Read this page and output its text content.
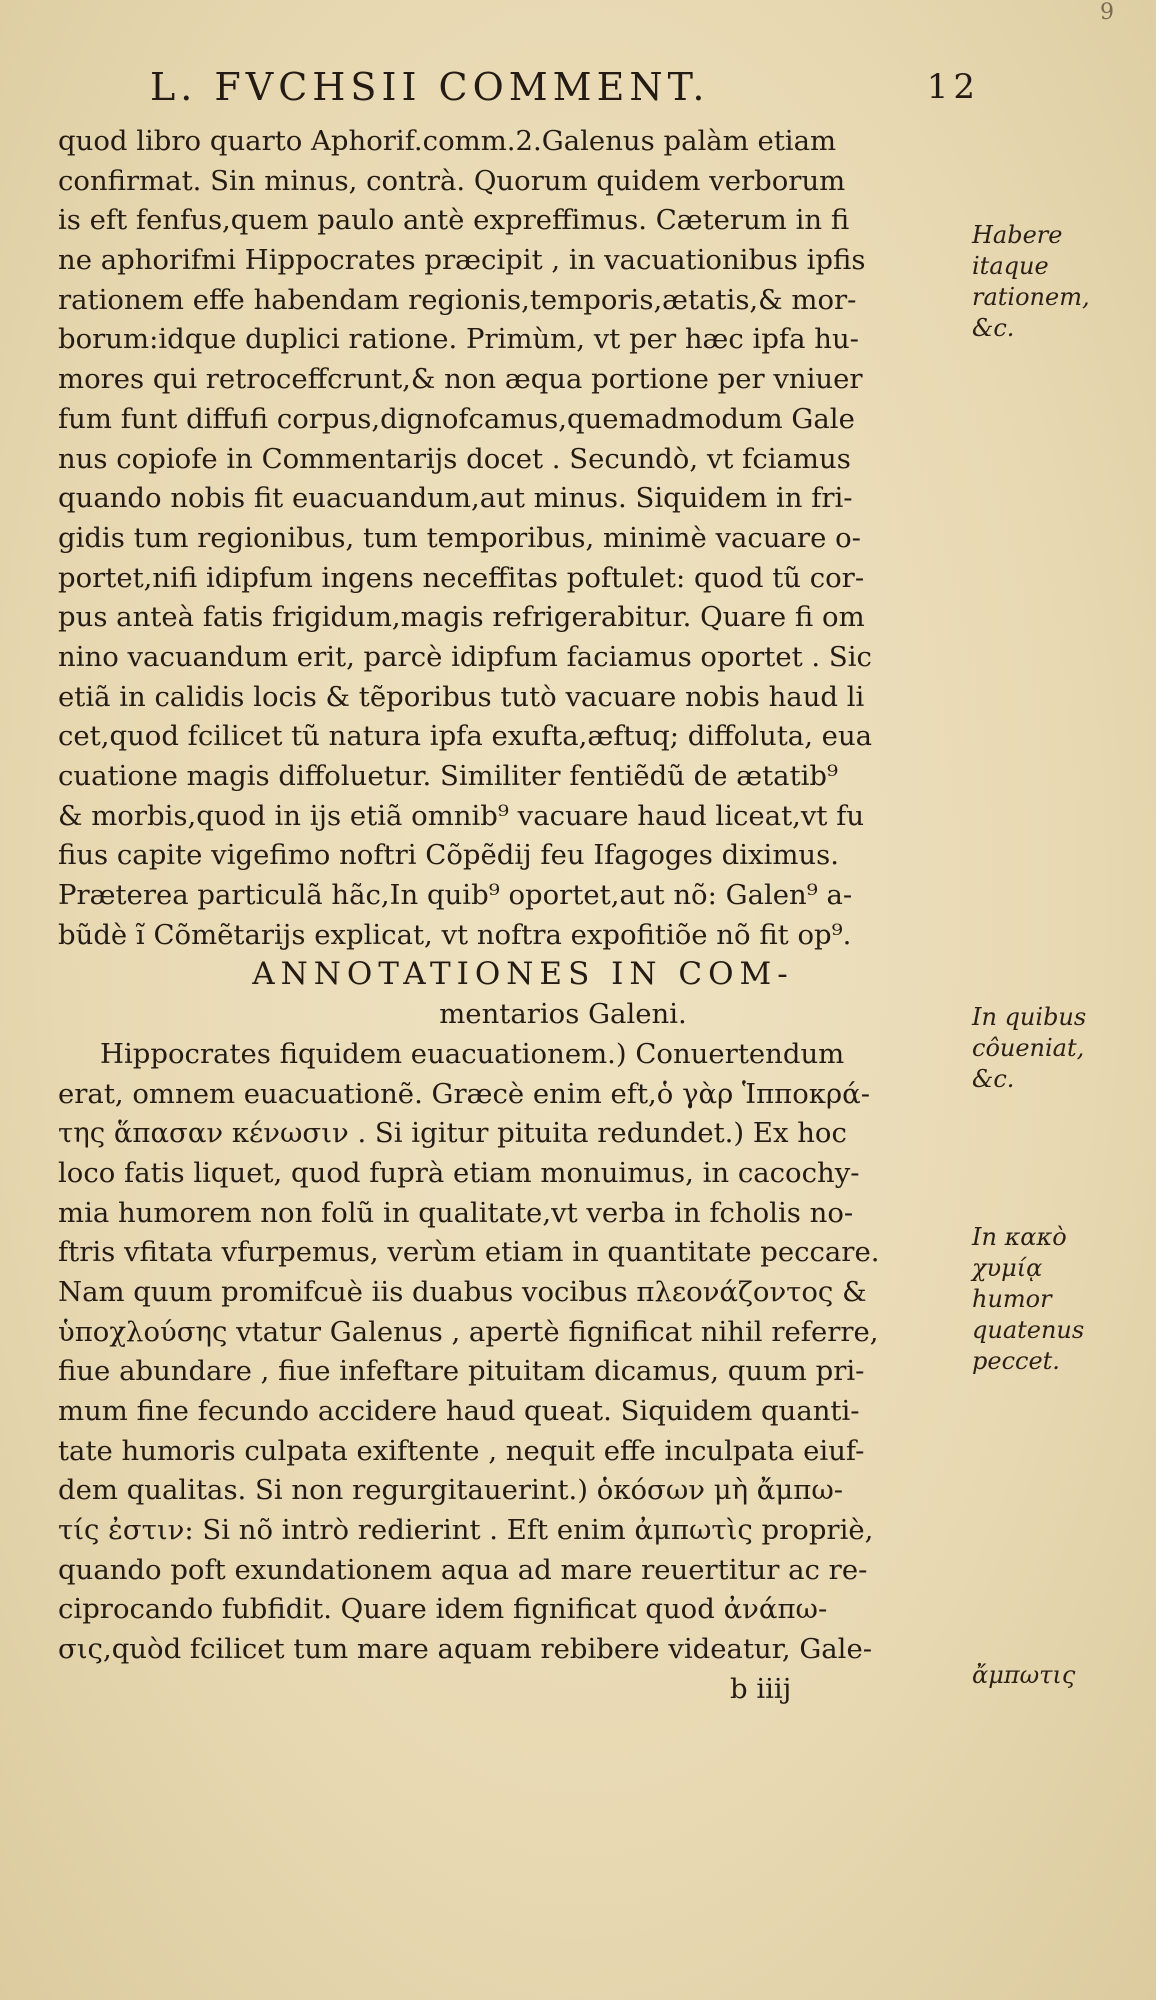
9
L. FVCHSII COMMENT.	12
quod libro quarto Aphorif.comm.2.Galenus palàm etiam
confirmat. Sin minus, contrà. Quorum quidem verborum
is eft fenfus,quem paulo antè expreffimus. Cæterum in fi
ne aphorifmi Hippocrates præcipit , in vacuationibus ipfis
rationem effe habendam regionis,temporis,ætatis,& mor-
borum:idque duplici ratione. Primùm, vt per hæc ipfa hu-
mores qui retroceffcrunt,& non æqua portione per vniuer
fum funt diffufi corpus,dignofcamus,quemadmodum Gale
nus copiofe in Commentarijs docet . Secundò, vt fciamus
quando nobis fit euacuandum,aut minus. Siquidem in fri-
gidis tum regionibus, tum temporibus, minimè vacuare o-
portet,nifi idipfum ingens neceffitas poftulet: quod tũ cor-
pus anteà fatis frigidum,magis refrigerabitur. Quare fi om
nino vacuandum erit, parcè idipfum faciamus oportet . Sic
etiã in calidis locis & tẽporibus tutò vacuare nobis haud li
cet,quod fcilicet tũ natura ipfa exufta,æftuq; diffoluta, eua
cuatione magis diffoluetur. Similiter fentiẽdũ de ætatib⁹
& morbis,quod in ijs etiã omnib⁹ vacuare haud liceat,vt fu
fius capite vigefimo noftri Cõpẽdij feu Ifagoges diximus.
Præterea particulã hãc,In quib⁹ oportet,aut nõ: Galen⁹ a-
bũdè ĩ Cõmẽtarijs explicat, vt noftra expofitiõe nõ fit op⁹.
ANNOTATIONES IN COM-
mentarios Galeni.
Hippocrates fiquidem euacuationem.) Conuertendum
erat, omnem euacuationẽ. Græcè enim eft,ὁ γὰρ Ἱπποκρά-
της ἅπασαν κένωσιν . Si igitur pituita redundet.) Ex hoc
loco fatis liquet, quod fuprà etiam monuimus, in cacochy-
mia humorem non folũ in qualitate,vt verba in fcholis no-
ftris vfitata vfurpemus, verùm etiam in quantitate peccare.
Nam quum promifcuè iis duabus vocibus πλεονάζοντος &
ὑποχλούσης vtatur Galenus , apertè fignificat nihil referre,
fiue abundare , fiue infeftare pituitam dicamus, quum pri-
mum fine fecundo accidere haud queat. Siquidem quanti-
tate humoris culpata exiftente , nequit effe inculpata eiuf-
dem qualitas. Si non regurgitauerint.) ὁκόσων μὴ ἄμπω-
τίς ἐστιν: Si nõ intrò redierint . Eft enim ἀμπωτὶς propriè,
quando poft exundationem aqua ad mare reuertitur ac re-
ciprocando fubfidit. Quare idem fignificat quod ἀνάπω-
σις,quòd fcilicet tum mare aquam rebibere videatur, Gale-
b iiij
Habere
itaque
rationem,
&c.
In quibus
côueniat,
&c.
In κακὸ
χυμίᾳ
humor
quatenus
peccet.
ἄμπωτις
